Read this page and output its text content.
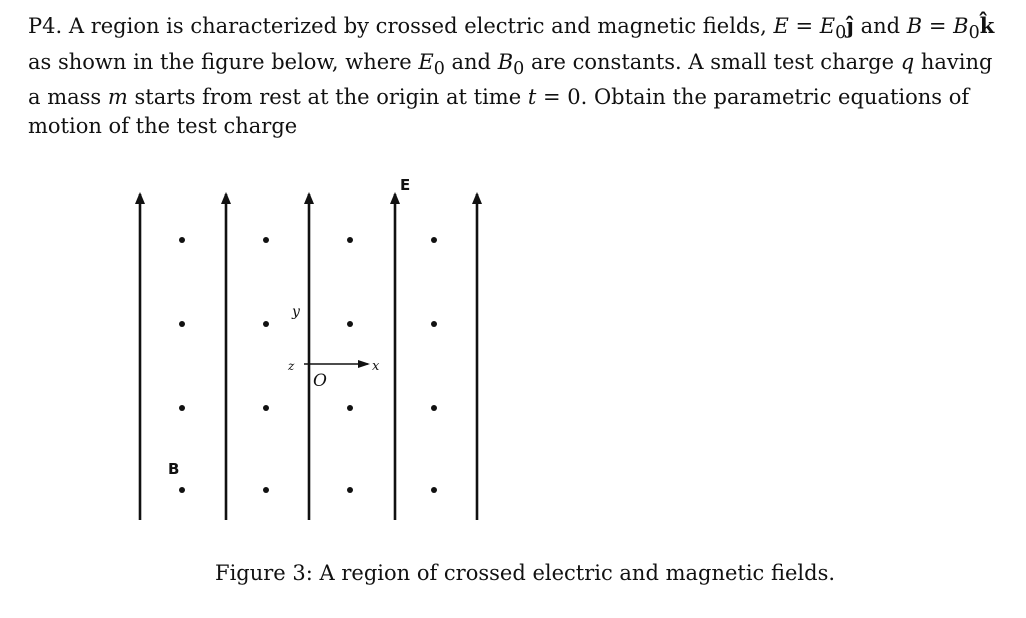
P4. A region is characterized by crossed electric and magnetic fields, $E = E_0ĵ$ and $B = B_0k̂$ as shown in the figure below, where $E_0$ and $B_0$ are constants. A small test charge q having a mass m starts from rest at the origin at time t = 0. Obtain the parametric equations of motion of the test charge
E
B
y
x
z
O
Figure 3: A region of crossed electric and magnetic fields.
